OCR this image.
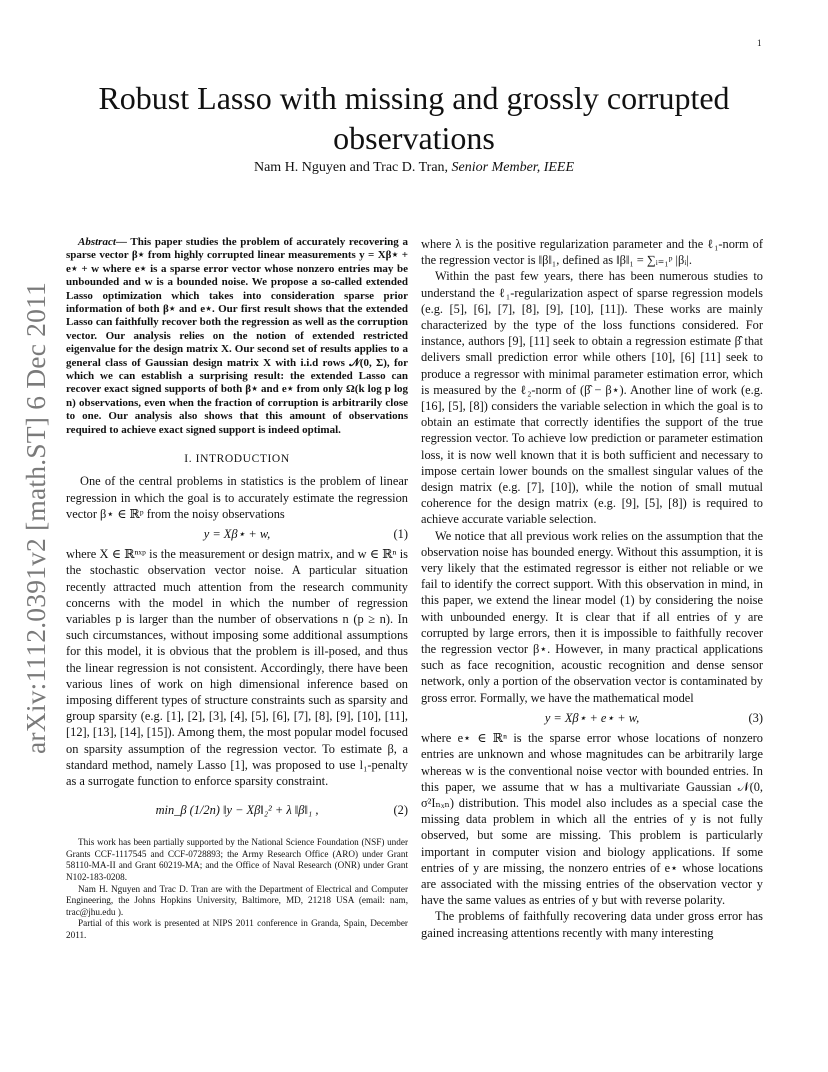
1
arXiv:1112.0391v2 [math.ST] 6 Dec 2011
Robust Lasso with missing and grossly corrupted observations
Nam H. Nguyen and Trac D. Tran, Senior Member, IEEE

Abstract— This paper studies the problem of accurately recovering a sparse vector β⋆ from highly corrupted linear measurements y = Xβ⋆ + e⋆ + w where e⋆ is a sparse error vector whose nonzero entries may be unbounded and w is a bounded noise. We propose a so-called extended Lasso optimization which takes into consideration sparse prior information of both β⋆ and e⋆. Our first result shows that the extended Lasso can faithfully recover both the regression as well as the corruption vector. Our analysis relies on the notion of extended restricted eigenvalue for the design matrix X. Our second set of results applies to a general class of Gaussian design matrix X with i.i.d rows 𝒩(0, Σ), for which we can establish a surprising result: the extended Lasso can recover exact signed supports of both β⋆ and e⋆ from only Ω(k log p log n) observations, even when the fraction of corruption is arbitrarily close to one. Our analysis also shows that this amount of observations required to achieve exact signed support is indeed optimal.

I. INTRODUCTION

One of the central problems in statistics is the problem of linear regression in which the goal is to accurately estimate the regression vector β⋆ ∈ ℝᵖ from the noisy observations

y = Xβ⋆ + w,	(1)

where X ∈ ℝⁿˣᵖ is the measurement or design matrix, and w ∈ ℝⁿ is the stochastic observation vector noise. A particular situation recently attracted much attention from the research community concerns with the model in which the number of regression variables p is larger than the number of observations n (p ≥ n). In such circumstances, without imposing some additional assumptions for this model, it is obvious that the problem is ill-posed, and thus the linear regression is not consistent. Accordingly, there have been various lines of work on high dimensional inference based on imposing different types of structure constraints such as sparsity and group sparsity (e.g. [1], [2], [3], [4], [5], [6], [7], [8], [9], [10], [11], [12], [13], [14], [15]). Among them, the most popular model focused on sparsity assumption of the regression vector. To estimate β, a standard method, namely Lasso [1], was proposed to use l₁-penalty as a surrogate function to enforce sparsity constraint.

min_β (1/2n) ‖y − Xβ‖₂² + λ ‖β‖₁ ,	(2)

This work has been partially supported by the National Science Foundation (NSF) under Grants CCF-1117545 and CCF-0728893; the Army Research Office (ARO) under Grant 58110-MA-II and Grant 60219-MA; and the Office of Naval Research (ONR) under Grant N102-183-0208.

Nam H. Nguyen and Trac D. Tran are with the Department of Electrical and Computer Engineering, the Johns Hopkins University, Baltimore, MD, 21218 USA (email: nam, trac@jhu.edu ).

Partial of this work is presented at NIPS 2011 conference in Granda, Spain, December 2011.

where λ is the positive regularization parameter and the ℓ₁-norm of the regression vector is ‖β‖₁, defined as ‖β‖₁ = ∑ᵢ₌₁ᵖ |βᵢ|.

Within the past few years, there has been numerous studies to understand the ℓ₁-regularization aspect of sparse regression models (e.g. [5], [6], [7], [8], [9], [10], [11]). These works are mainly characterized by the type of the loss functions considered. For instance, authors [9], [11] seek to obtain a regression estimate β̂ that delivers small prediction error while others [10], [6] [11] seek to produce a regressor with minimal parameter estimation error, which is measured by the ℓ₂-norm of (β̂ − β⋆). Another line of work (e.g. [16], [5], [8]) considers the variable selection in which the goal is to obtain an estimate that correctly identifies the support of the true regression vector. To achieve low prediction or parameter estimation loss, it is now well known that it is both sufficient and necessary to impose certain lower bounds on the smallest singular values of the design matrix (e.g. [7], [10]), while the notion of small mutual coherence for the design matrix (e.g. [9], [5], [8]) is required to achieve accurate variable selection.

We notice that all previous work relies on the assumption that the observation noise has bounded energy. Without this assumption, it is very likely that the estimated regressor is either not reliable or we fail to identify the correct support. With this observation in mind, in this paper, we extend the linear model (1) by considering the noise with unbounded energy. It is clear that if all entries of y are corrupted by large errors, then it is impossible to faithfully recover the regression vector β⋆. However, in many practical applications such as face recognition, acoustic recognition and dense sensor network, only a portion of the observation vector is contaminated by gross error. Formally, we have the mathematical model

y = Xβ⋆ + e⋆ + w,	(3)

where e⋆ ∈ ℝⁿ is the sparse error whose locations of nonzero entries are unknown and whose magnitudes can be arbitrarily large whereas w is the conventional noise vector with bounded entries. In this paper, we assume that w has a multivariate Gaussian 𝒩(0, σ²Iₙₓₙ) distribution. This model also includes as a special case the missing data problem in which all the entries of y is not fully observed, but some are missing. This problem is particularly important in computer vision and biology applications. If some entries of y are missing, the nonzero entries of e⋆ whose locations are associated with the missing entries of the observation vector y have the same values as entries of y but with reverse polarity.

The problems of faithfully recovering data under gross error has gained increasing attentions recently with many interesting
